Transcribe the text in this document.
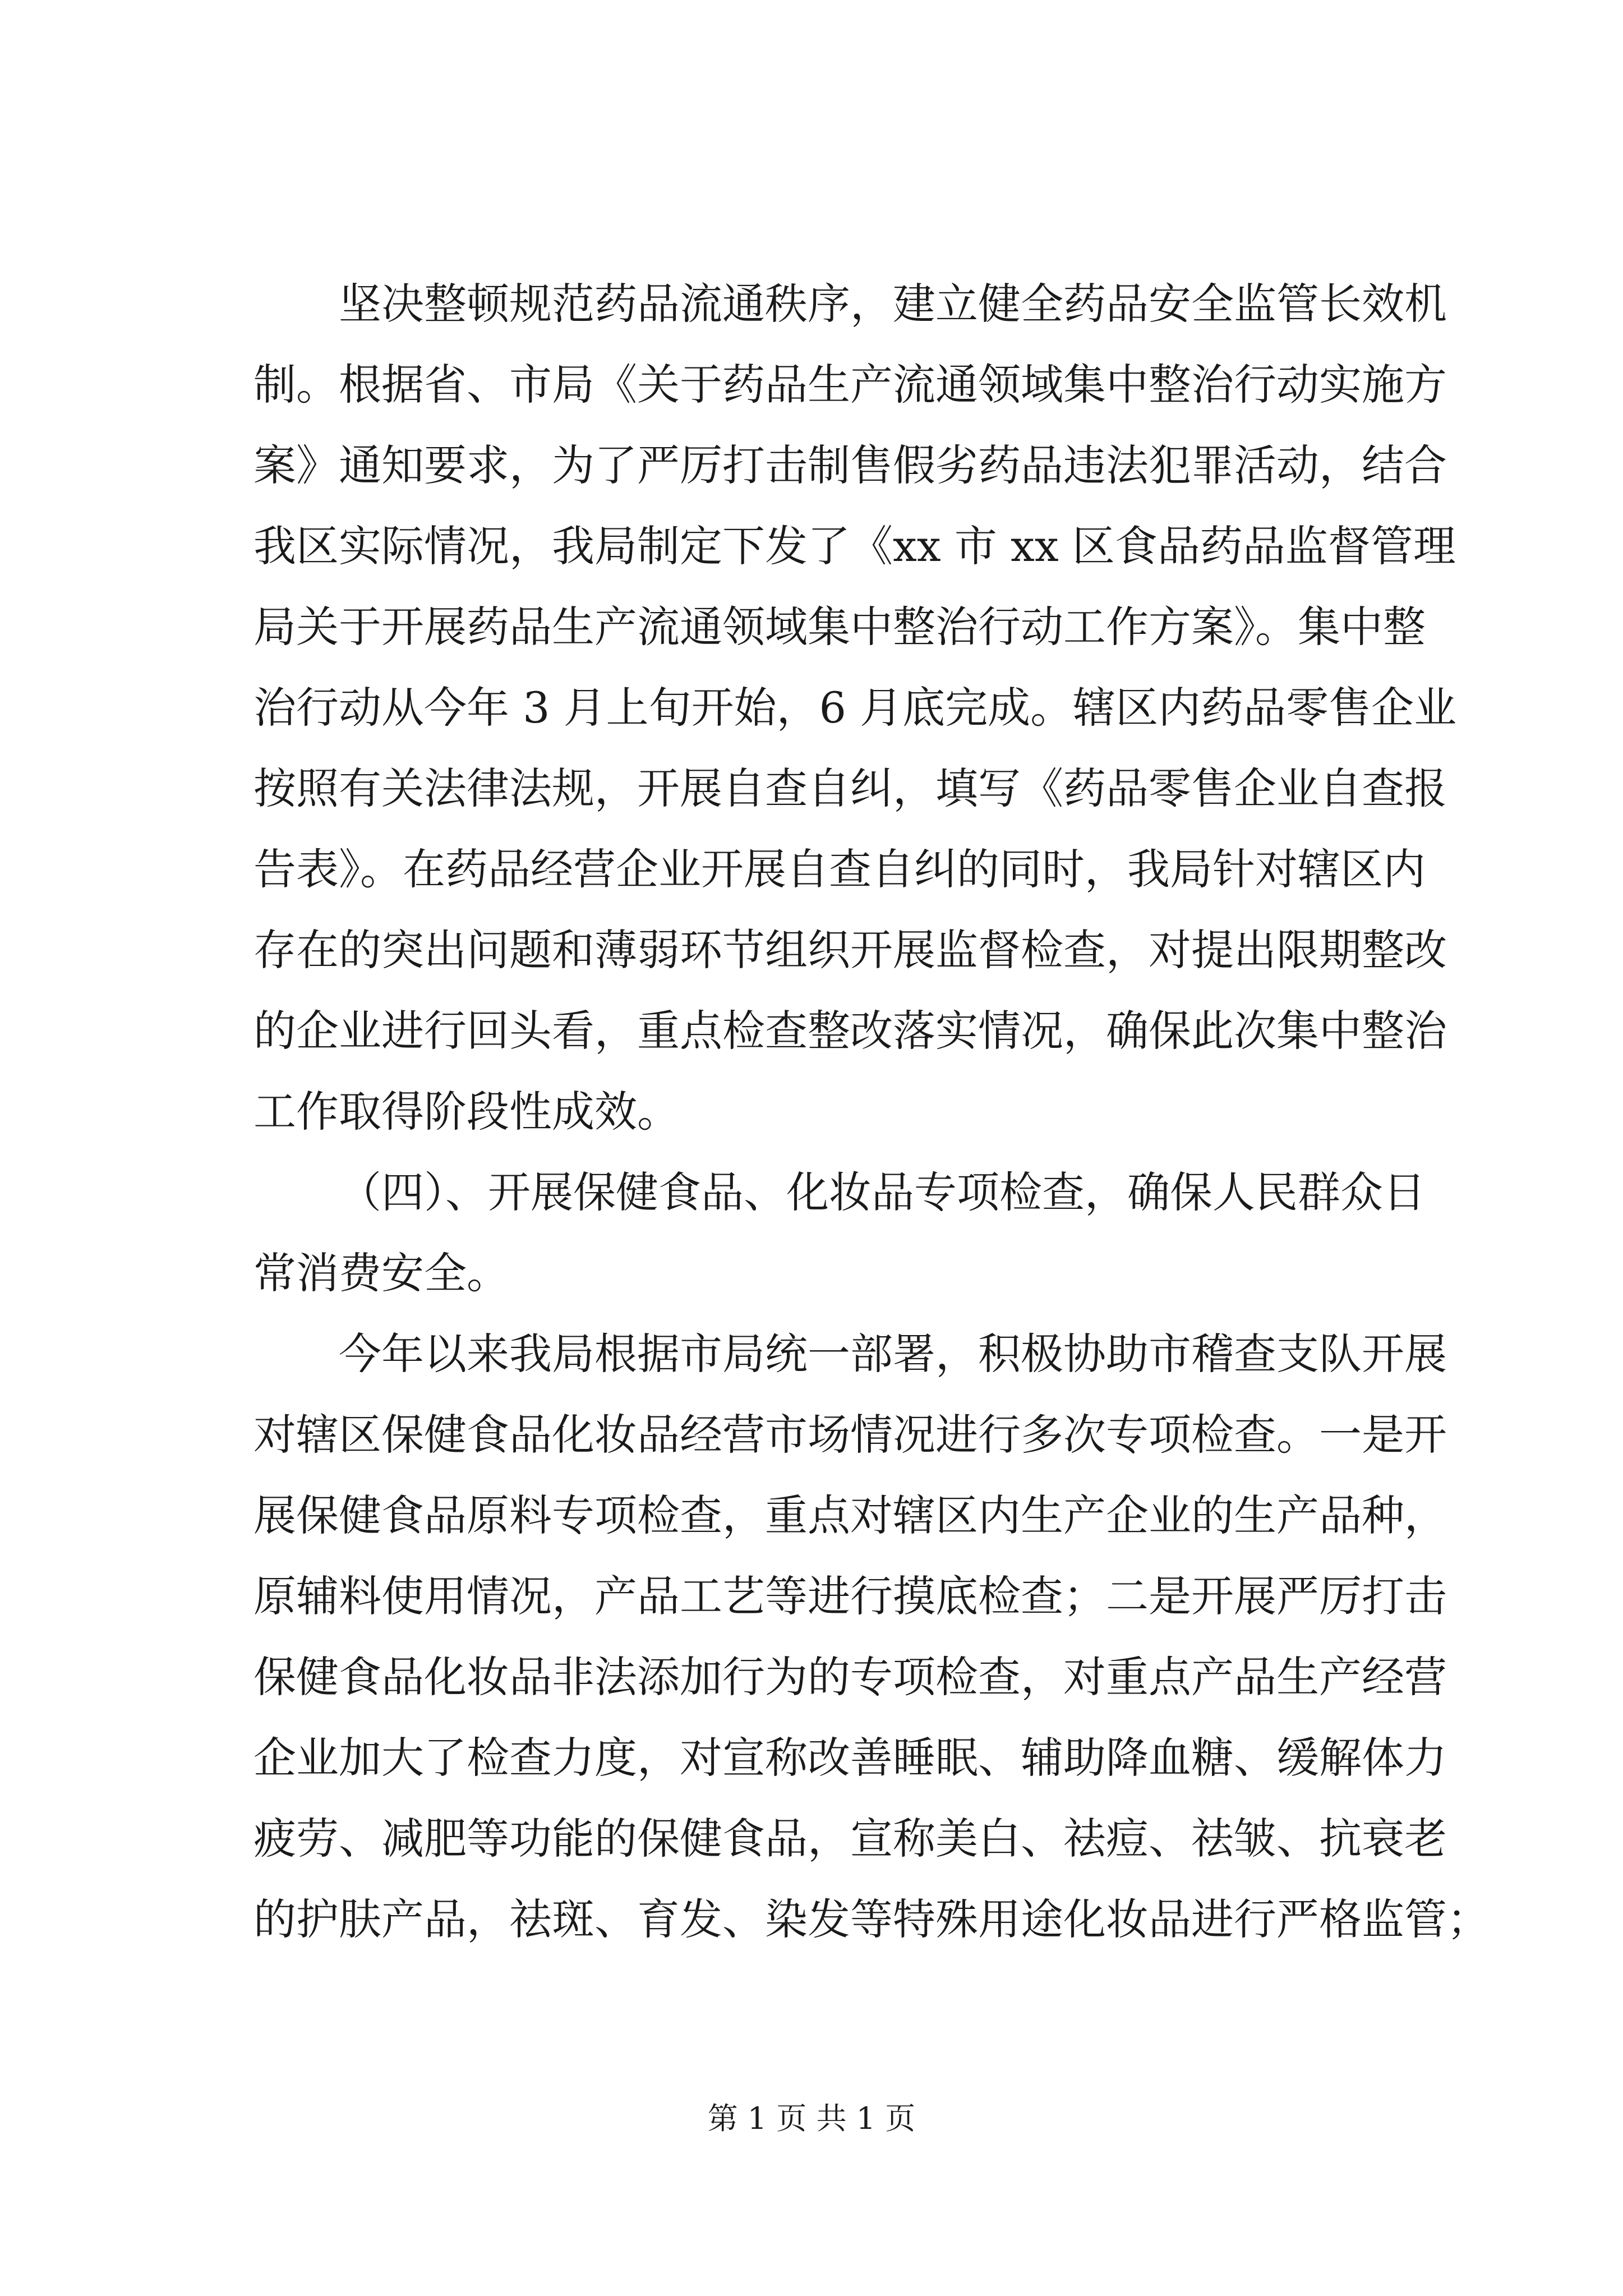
坚决整顿规范药品流通秩序，建立健全药品安全监管长效机
制。根据省、市局《关于药品生产流通领域集中整治行动实施方
案》通知要求，为了严厉打击制售假劣药品违法犯罪活动，结合
我区实际情况，我局制定下发了《xx 市 xx 区食品药品监督管理
局关于开展药品生产流通领域集中整治行动工作方案》。集中整
治行动从今年 3 月上旬开始，6 月底完成。辖区内药品零售企业
按照有关法律法规，开展自查自纠，填写《药品零售企业自查报
告表》。在药品经营企业开展自查自纠的同时，我局针对辖区内
存在的突出问题和薄弱环节组织开展监督检查，对提出限期整改
的企业进行回头看，重点检查整改落实情况，确保此次集中整治
工作取得阶段性成效。
（四）、开展保健食品、化妆品专项检查，确保人民群众日
常消费安全。
今年以来我局根据市局统一部署，积极协助市稽查支队开展
对辖区保健食品化妆品经营市场情况进行多次专项检查。一是开
展保健食品原料专项检查，重点对辖区内生产企业的生产品种，
原辅料使用情况，产品工艺等进行摸底检查；二是开展严厉打击
保健食品化妆品非法添加行为的专项检查，对重点产品生产经营
企业加大了检查力度，对宣称改善睡眠、辅助降血糖、缓解体力
疲劳、减肥等功能的保健食品，宣称美白、祛痘、祛皱、抗衰老
的护肤产品，祛斑、育发、染发等特殊用途化妆品进行严格监管；
第 1 页 共 1 页
